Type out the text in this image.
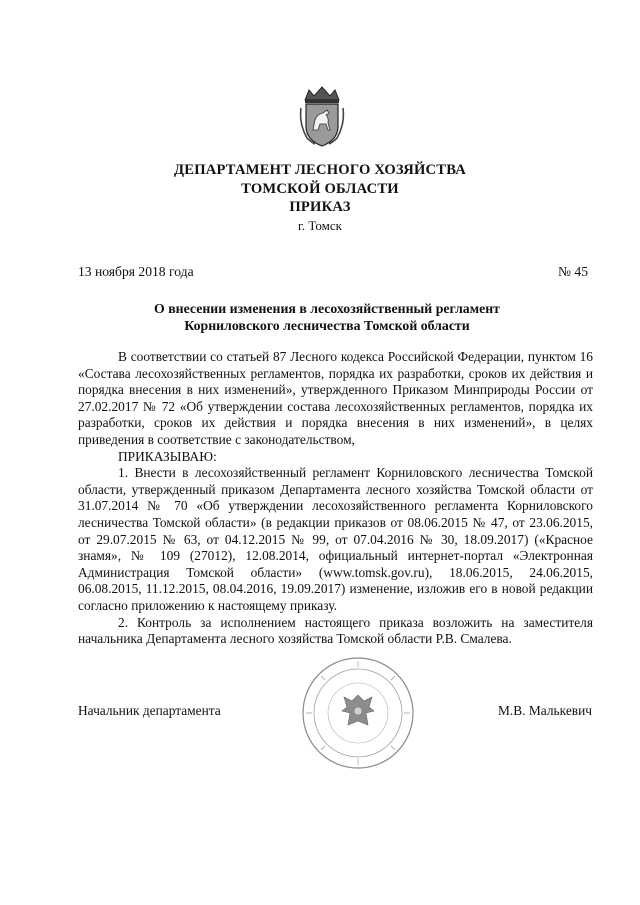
ДЕПАРТАМЕНТ ЛЕСНОГО ХОЗЯЙСТВА
ТОМСКОЙ ОБЛАСТИ
ПРИКАЗ
г. Томск
13 ноября 2018 года	№ 45
О внесении изменения в лесохозяйственный регламент
Корниловского лесничества Томской области

В соответствии со статьей 87 Лесного кодекса Российской Федерации, пунктом 16 «Состава лесохозяйственных регламентов, порядка их разработки, сроков их действия и порядка внесения в них изменений», утвержденного Приказом Минприроды России от 27.02.2017 № 72 «Об утверждении состава лесохозяйственных регламентов, порядка их разработки, сроков их действия и порядка внесения в них изменений», в целях приведения в соответствие с законодательством,

ПРИКАЗЫВАЮ:

1. Внести в лесохозяйственный регламент Корниловского лесничества Томской области, утвержденный приказом Департамента лесного хозяйства Томской области от 31.07.2014 № 70 «Об утверждении лесохозяйственного регламента Корниловского лесничества Томской области» (в редакции приказов от 08.06.2015 № 47, от 23.06.2015, от 29.07.2015 № 63, от 04.12.2015 № 99, от 07.04.2016 № 30, 18.09.2017) («Красное знамя», № 109 (27012), 12.08.2014, официальный интернет-портал «Электронная Администрация Томской области» (www.tomsk.gov.ru), 18.06.2015, 24.06.2015, 06.08.2015, 11.12.2015, 08.04.2016, 19.09.2017) изменение, изложив его в новой редакции согласно приложению к настоящему приказу.

2. Контроль за исполнением настоящего приказа возложить на заместителя начальника Департамента лесного хозяйства Томской области Р.В. Смалева.

Начальник департамента	М.В. Малькевич
